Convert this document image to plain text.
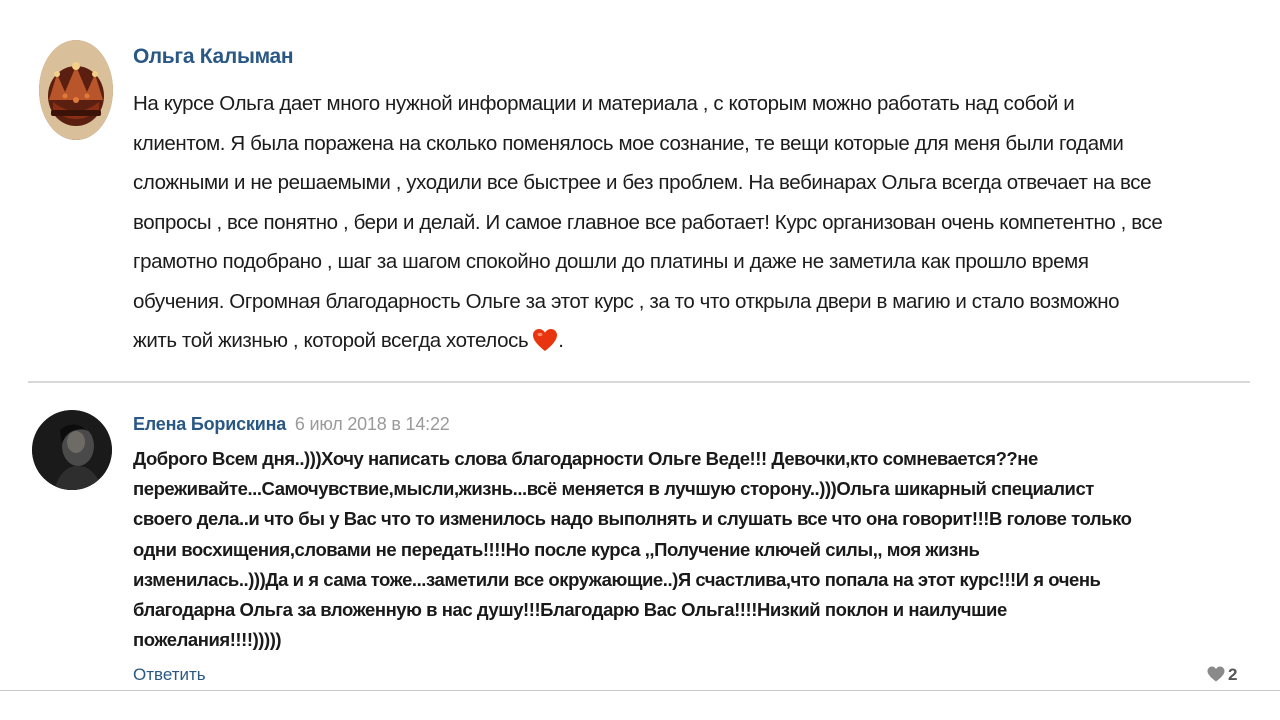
Ольга Калыман
На курсе Ольга дает много нужной информации и материала , с которым можно работать над собой и
клиентом. Я была поражена на сколько поменялось мое сознание, те вещи которые для меня были годами
сложными и не решаемыми , уходили все быстрее и без проблем. На вебинарах Ольга всегда отвечает на все
вопросы , все понятно , бери и делай. И самое главное все работает! Курс организован очень компетентно , все
грамотно подобрано , шаг за шагом спокойно дошли до платины и даже не заметила как прошло время
обучения. Огромная благодарность Ольге за этот курс , за то что открыла двери в магию и стало возможно
жить той жизнью , которой всегда хотелось .
Елена Борискина 6 июл 2018 в 14:22
Доброго Всем дня..)))Хочу написать слова благодарности Ольге Веде!!! Девочки,кто сомневается??не
переживайте...Самочувствие,мысли,жизнь...всё меняется в лучшую сторону..)))Ольга шикарный специалист
своего дела..и что бы у Вас что то изменилось надо выполнять и слушать все что она говорит!!!В голове только
одни восхищения,словами не передать!!!!Но после курса ,,Получение ключей силы,, моя жизнь
изменилась..)))Да и я сама тоже...заметили все окружающие..)Я счастлива,что попала на этот курс!!!И я очень
благодарна Ольга за вложенную в нас душу!!!Благодарю Вас Ольга!!!!Низкий поклон и наилучшие
пожелания!!!!)))))
Ответить	2
